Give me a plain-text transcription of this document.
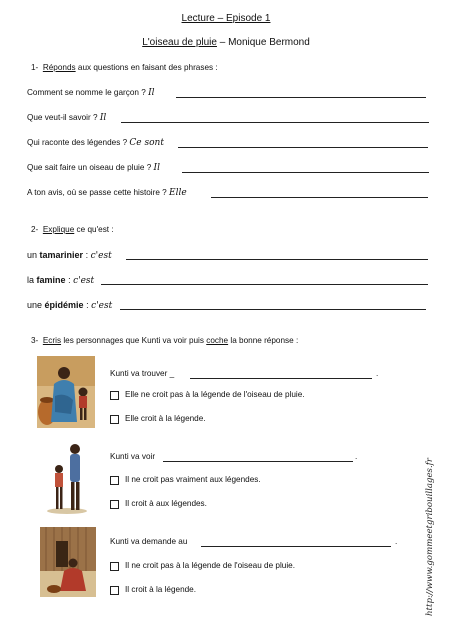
Lecture – Episode 1
L'oiseau de pluie – Monique Bermond
1- Réponds aux questions en faisant des phrases :
Comment se nomme le garçon ? Il
Que veut-il savoir ? Il
Qui raconte des légendes ? Ce sont
Que sait faire un oiseau de pluie ? Il
A ton avis, où se passe cette histoire ? Elle
2- Explique ce qu'est :
un tamarinier : c'est
la famine : c'est
une épidémie : c'est
3- Ecris les personnages que Kunti va voir puis coche la bonne réponse :
Kunti va trouver _	.
Elle ne croit pas à la légende de l'oiseau de pluie.
Elle croit à la légende.
Kunti va voir	.
Il ne croit pas vraiment aux légendes.
Il croit à aux légendes.
Kunti va demande au	.
Il ne croit pas à la légende de l'oiseau de pluie.
Il croit à la légende.	http://www.gommeetgribouillages.fr
